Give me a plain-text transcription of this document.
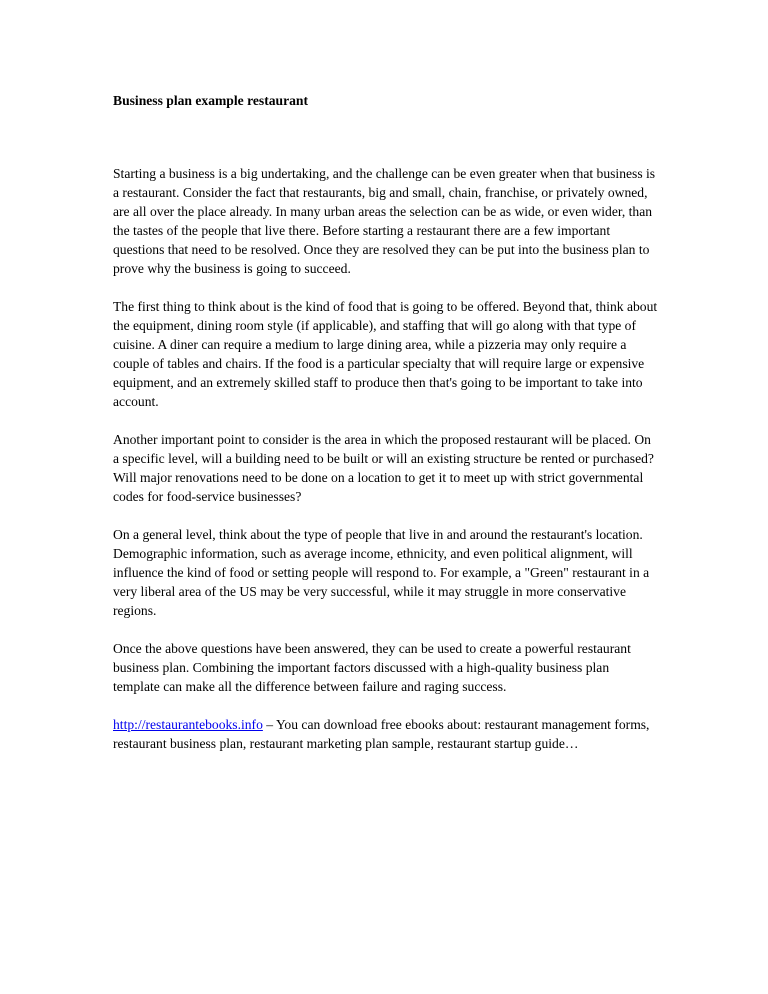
Business plan example restaurant

Starting a business is a big undertaking, and the challenge can be even greater when that business is a restaurant. Consider the fact that restaurants, big and small, chain, franchise, or privately owned, are all over the place already. In many urban areas the selection can be as wide, or even wider, than the tastes of the people that live there. Before starting a restaurant there are a few important questions that need to be resolved. Once they are resolved they can be put into the business plan to prove why the business is going to succeed.

The first thing to think about is the kind of food that is going to be offered. Beyond that, think about the equipment, dining room style (if applicable), and staffing that will go along with that type of cuisine. A diner can require a medium to large dining area, while a pizzeria may only require a couple of tables and chairs. If the food is a particular specialty that will require large or expensive equipment, and an extremely skilled staff to produce then that's going to be important to take into account.

Another important point to consider is the area in which the proposed restaurant will be placed. On a specific level, will a building need to be built or will an existing structure be rented or purchased? Will major renovations need to be done on a location to get it to meet up with strict governmental codes for food-service businesses?

On a general level, think about the type of people that live in and around the restaurant's location. Demographic information, such as average income, ethnicity, and even political alignment, will influence the kind of food or setting people will respond to. For example, a "Green" restaurant in a very liberal area of the US may be very successful, while it may struggle in more conservative regions.

Once the above questions have been answered, they can be used to create a powerful restaurant business plan. Combining the important factors discussed with a high-quality business plan template can make all the difference between failure and raging success.

http://restaurantebooks.info – You can download free ebooks about: restaurant management forms, restaurant business plan, restaurant marketing plan sample, restaurant startup guide…
